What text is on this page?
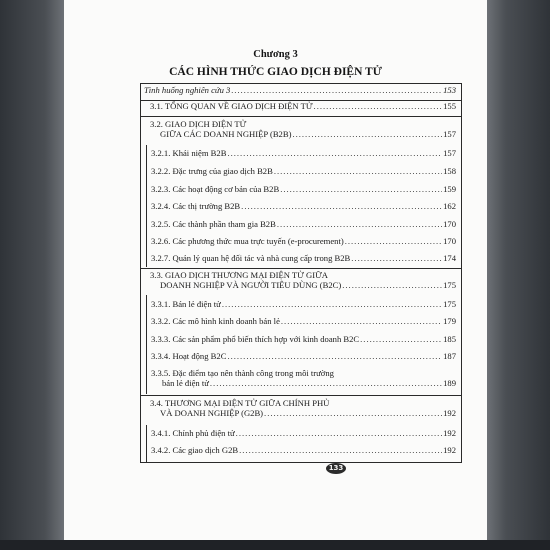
Chương 3
CÁC HÌNH THỨC GIAO DỊCH ĐIỆN TỬ
Tình huống nghiên cứu 3 .....	153
3.1. TỔNG QUAN VỀ GIAO DỊCH ĐIỆN TỬ .....	155
3.2. GIAO DỊCH ĐIỆN TỬ
GIỮA CÁC DOANH NGHIỆP (B2B) .....	157
3.2.1. Khái niệm B2B .....	157
3.2.2. Đặc trưng của giao dịch B2B .....	158
3.2.3. Các hoạt động cơ bản của B2B .....	159
3.2.4. Các thị trường B2B .....	162
3.2.5. Các thành phần tham gia B2B .....	170
3.2.6. Các phương thức mua trực tuyến (e-procurement) .....	170
3.2.7. Quản lý quan hệ đối tác và nhà cung cấp trong B2B .....	174
3.3. GIAO DỊCH THƯƠNG MẠI ĐIỆN TỬ GIỮA
DOANH NGHIỆP VÀ NGƯỜI TIÊU DÙNG (B2C) .....	175
3.3.1. Bán lẻ điện tử .....	175
3.3.2. Các mô hình kinh doanh bán lẻ .....	179
3.3.3. Các sản phẩm phổ biến thích hợp với kinh doanh B2C .....	185
3.3.4. Hoạt động B2C .....	187
3.3.5. Đặc điểm tạo nên thành công trong môi trường
bán lẻ điện tử .....	189
3.4. THƯƠNG MẠI ĐIỆN TỬ GIỮA CHÍNH PHỦ
VÀ DOANH NGHIỆP (G2B) .....	192
3.4.1. Chính phủ điện tử .....	192
3.4.2. Các giao dịch G2B .....	192
133
